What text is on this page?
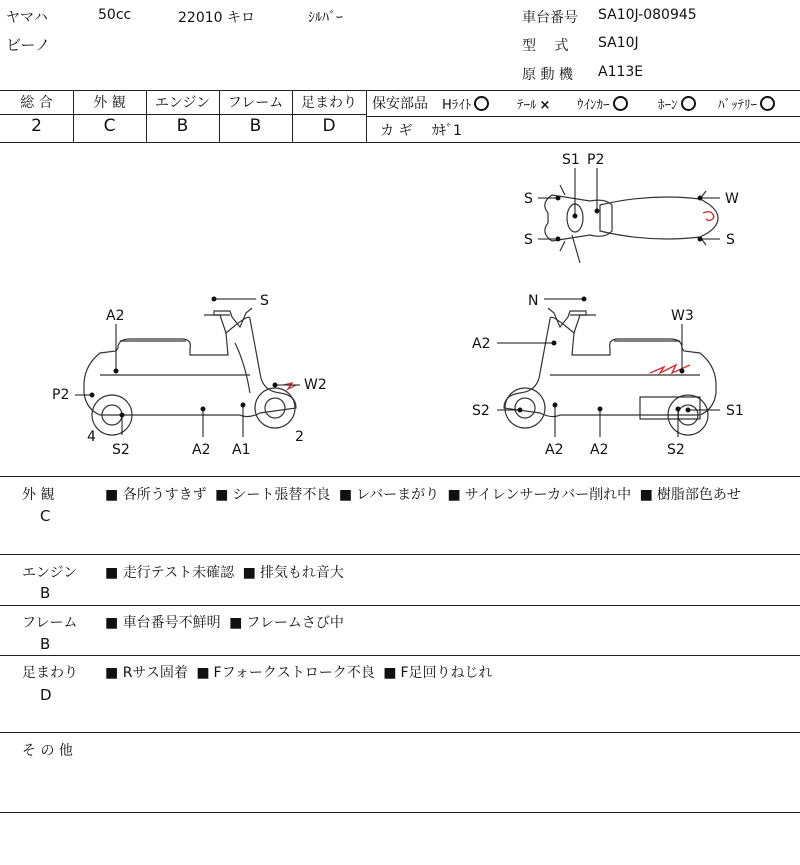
ヤマハ	50cc	22010 キロ	ｼﾙﾊﾞｰ
ビーノ
車台番号 SA10J-080945
型 　式 SA10J
原 動 機 A113E
総 合	外 観	エンジン	フレーム	足まわり
2	C	B	B	D
保安部品 Hﾗｲﾄ	ﾃｰﾙ × ｳｲﾝｶｰ	ﾎｰﾝ	ﾊﾞｯﾃﾘｰ
カ ギ ｶｷﾞ1
S1 P2
S
S
W
S
S
A2
P2
4
S2	A2 A1
W2
2
N
A2
W3
S2
A2 A2
S1
S2
外 観
C
■ 各所うすきず ■ シート張替不良 ■ レバーまがり ■ サイレンサーカバー削れ中 ■ 樹脂部色あせ
エンジン
B
■ 走行テスト未確認 ■ 排気もれ音大
フレーム
B
■ 車台番号不鮮明 ■ フレームさび中
足まわり
D
■ Rサス固着 ■ Fフォークストローク不良 ■ F足回りねじれ
そ の 他
